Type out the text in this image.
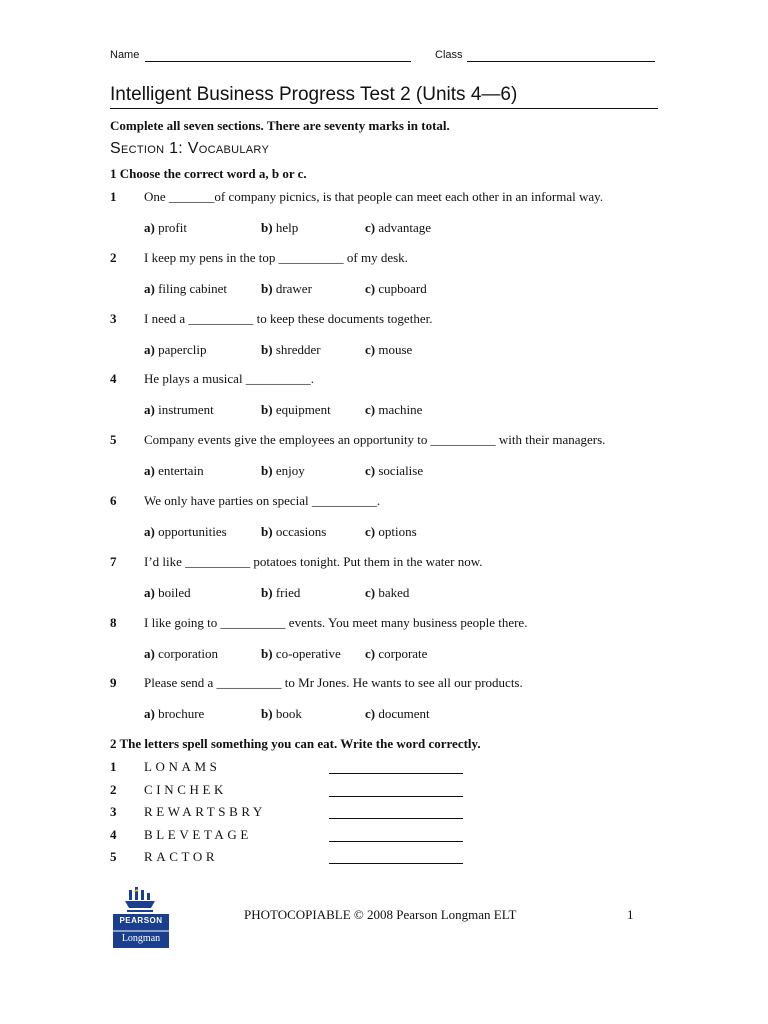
Name	Class
Intelligent Business Progress Test 2 (Units 4—6)
Complete all seven sections. There are seventy marks in total.
Section 1: Vocabulary
1 Choose the correct word a, b or c.
1 One _______of company picnics, is that people can meet each other in an informal way.
a) profit	b) help	c) advantage
2 I keep my pens in the top __________ of my desk.
a) filing cabinet	b) drawer	c) cupboard
3 I need a __________ to keep these documents together.
a) paperclip	b) shredder	c) mouse
4 He plays a musical __________.
a) instrument	b) equipment	c) machine
5 Company events give the employees an opportunity to __________ with their managers.
a) entertain	b) enjoy	c) socialise
6 We only have parties on special __________.
a) opportunities	b) occasions	c) options
7 I’d like __________ potatoes tonight. Put them in the water now.
a) boiled	b) fried	c) baked
8 I like going to __________ events. You meet many business people there.
a) corporation	b) co-operative c) corporate
9 Please send a __________ to Mr Jones. He wants to see all our products.
a) brochure	b) book	c) document
2 The letters spell something you can eat. Write the word correctly.
1 LONAMS
2 CINCHEK
3 REWARTSBRY
4 BLEVETAGE
5 RACTOR
PEARSON
Longman
PHOTOCOPIABLE © 2008 Pearson Longman ELT	1
